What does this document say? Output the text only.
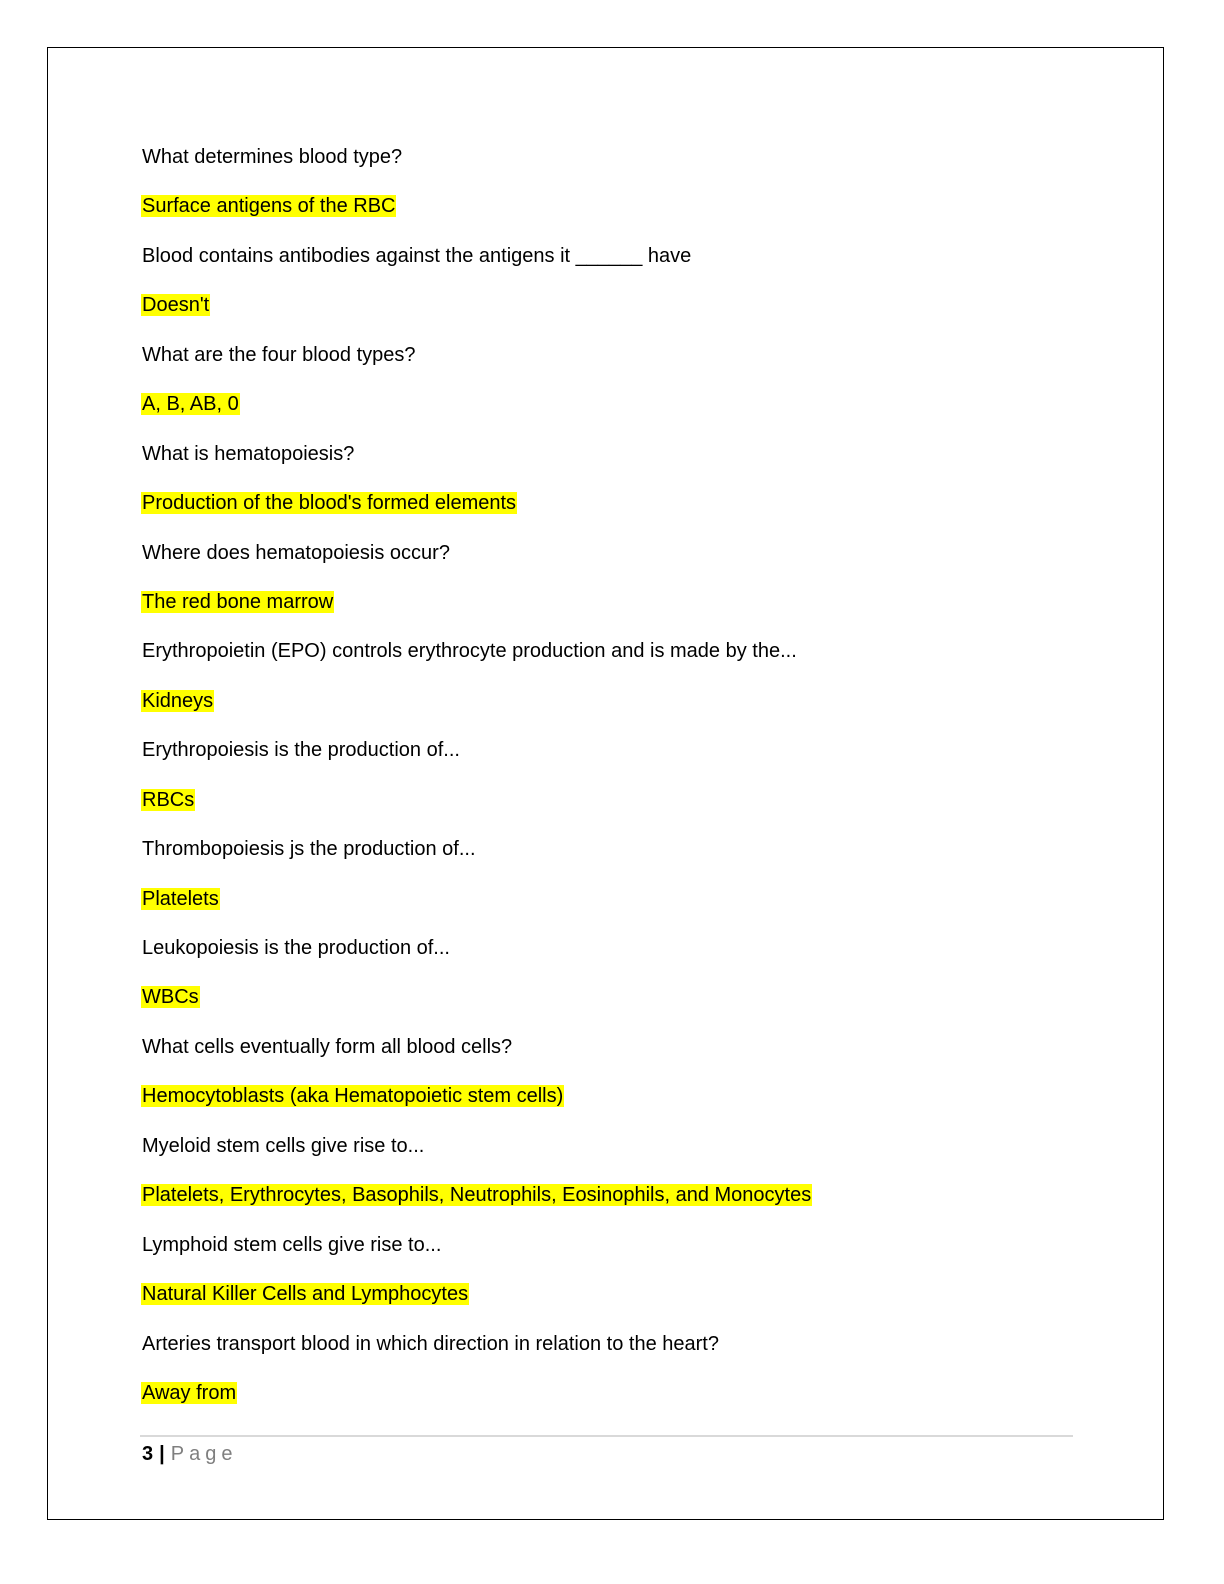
What determines blood type?
Surface antigens of the RBC
Blood contains antibodies against the antigens it ______ have
Doesn't
What are the four blood types?
A, B, AB, 0
What is hematopoiesis?
Production of the blood's formed elements
Where does hematopoiesis occur?
The red bone marrow
Erythropoietin (EPO) controls erythrocyte production and is made by the...
Kidneys
Erythropoiesis is the production of...
RBCs
Thrombopoiesis js the production of...
Platelets
Leukopoiesis is the production of...
WBCs
What cells eventually form all blood cells?
Hemocytoblasts (aka Hematopoietic stem cells)
Myeloid stem cells give rise to...
Platelets, Erythrocytes, Basophils, Neutrophils, Eosinophils, and Monocytes
Lymphoid stem cells give rise to...
Natural Killer Cells and Lymphocytes
Arteries transport blood in which direction in relation to the heart?
Away from
3 | Page
